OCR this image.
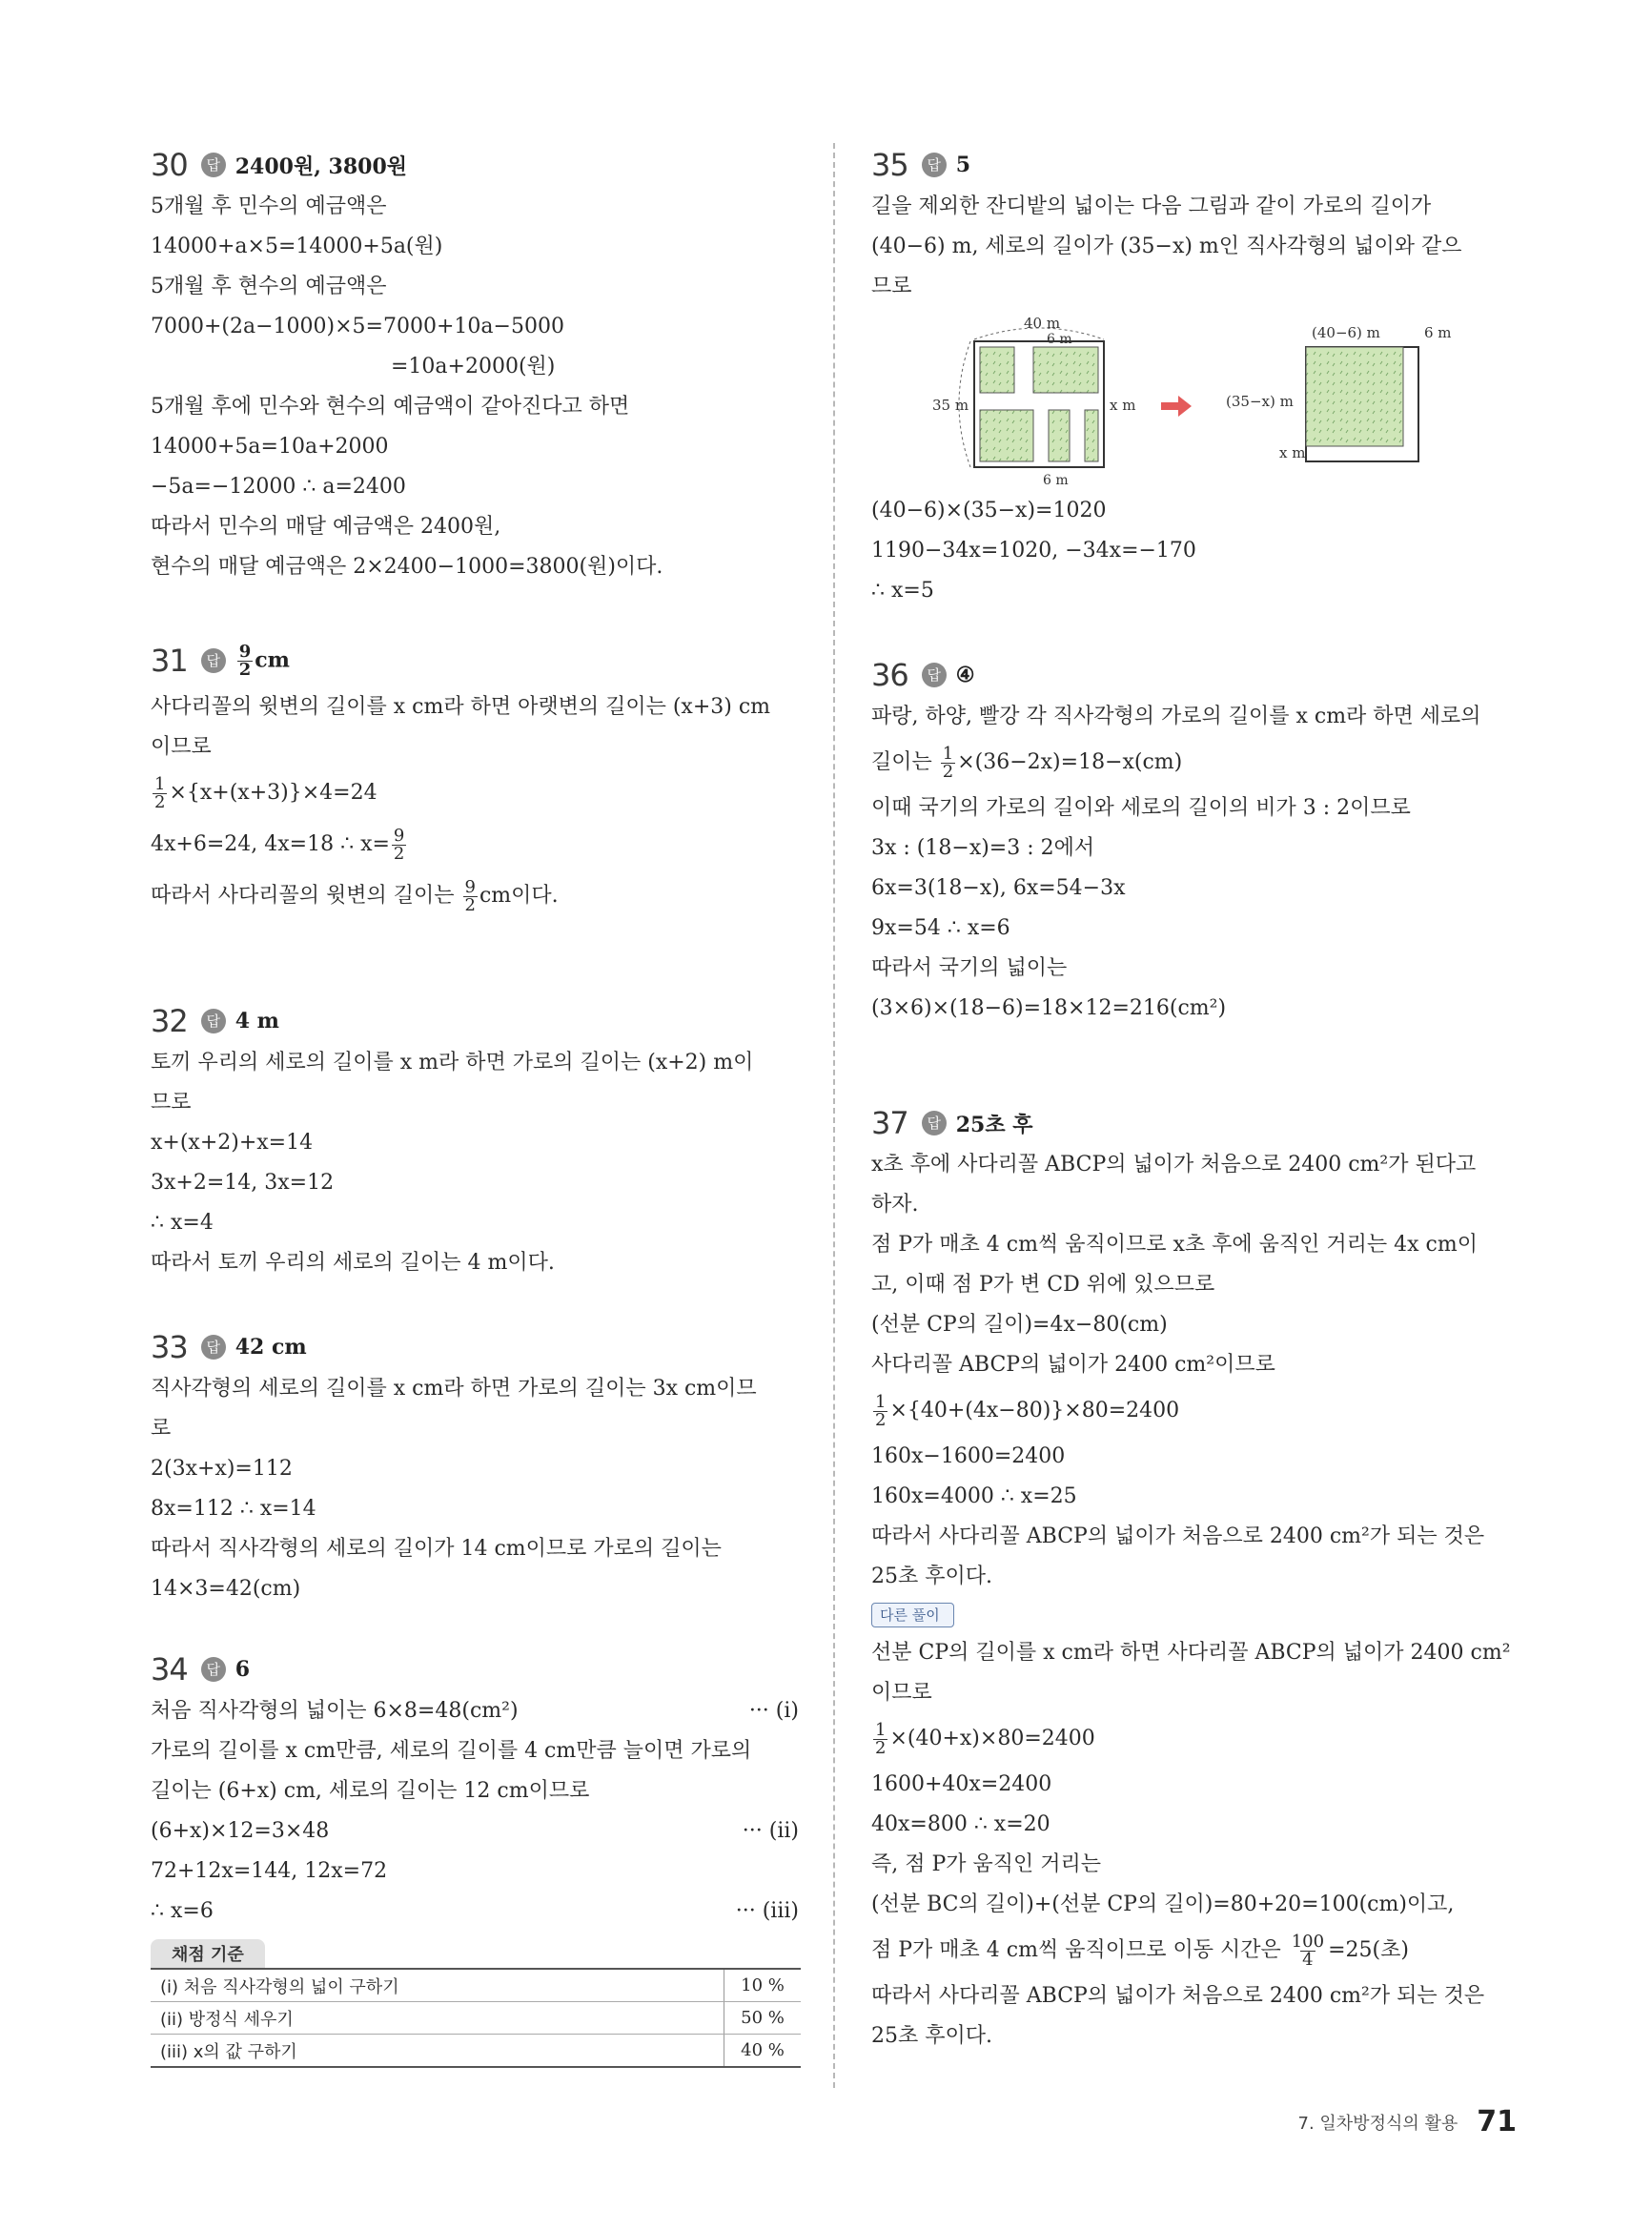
30	답 2400원, 3800원
5개월 후 민수의 예금액은
14000+a×5=14000+5a(원)
5개월 후 현수의 예금액은
7000+(2a−1000)×5=7000+10a−5000
=10a+2000(원)
5개월 후에 민수와 현수의 예금액이 같아진다고 하면
14000+5a=10a+2000
−5a=−12000 ∴ a=2400
따라서 민수의 매달 예금액은 2400원,
현수의 매달 예금액은 2×2400−1000=3800(원)이다.
31	답 $\frac{9}{2}$ cm
사다리꼴의 윗변의 길이를 x cm라 하면 아랫변의 길이는 (x+3) cm
이므로
$\frac{1}{2} \times\{x+(x+3)\}\times 4=24$
4x+6=24, 4x=18 ∴ $x= \frac{9}{2}$
따라서 사다리꼴의 윗변의 길이는 $\frac{9}{2}$ cm이다.
32	답 4 m
토끼 우리의 세로의 길이를 x m라 하면 가로의 길이는 (x+2) m이
므로
x+(x+2)+x=14
3x+2=14, 3x=12
∴ x=4
따라서 토끼 우리의 세로의 길이는 4 m이다.
33	답 42 cm
직사각형의 세로의 길이를 x cm라 하면 가로의 길이는 3x cm이므
로
2(3x+x)=112
8x=112 ∴ x=14
따라서 직사각형의 세로의 길이가 14 cm이므로 가로의 길이는
14×3=42(cm)
34	답 6
처음 직사각형의 넓이는 6×8=48(cm²)	··· (i)
가로의 길이를 x cm만큼, 세로의 길이를 4 cm만큼 늘이면 가로의
길이는 (6+x) cm, 세로의 길이는 12 cm이므로
(6+x)×12=3×48	··· (ii)
72+12x=144, 12x=72
∴ x=6	··· (iii)
채점 기준
(i) 처음 직사각형의 넓이 구하기	10 %
(ii) 방정식 세우기	50 %
(iii) x의 값 구하기	40 %
35	답 5
길을 제외한 잔디밭의 넓이는 다음 그림과 같이 가로의 길이가
(40−6) m, 세로의 길이가 (35−x) m인 직사각형의 넓이와 같으
므로
40 m
6 m
35 m	x m
6 m
(40−6) m	6 m
(35−x) m
x m
(40−6)×(35−x)=1020
1190−34x=1020, −34x=−170
∴ x=5
36	답 ④
파랑, 하양, 빨강 각 직사각형의 가로의 길이를 x cm라 하면 세로의
길이는 $\frac{1}{2} \times(36-2x)=18-x(cm)$
이때 국기의 가로의 길이와 세로의 길이의 비가 3 : 2이므로
3x : (18−x)=3 : 2에서
6x=3(18−x), 6x=54−3x
9x=54 ∴ x=6
따라서 국기의 넓이는
(3×6)×(18−6)=18×12=216(cm²)
37	답 25초 후
x초 후에 사다리꼴 ABCP의 넓이가 처음으로 2400 cm²가 된다고
하자.
점 P가 매초 4 cm씩 움직이므로 x초 후에 움직인 거리는 4x cm이
고, 이때 점 P가 변 CD 위에 있으므로
(선분 CP의 길이)=4x−80(cm)
사다리꼴 ABCP의 넓이가 2400 cm²이므로
$\frac{1}{2} \times\{40+(4x-80)\}\times 80=2400$
160x−1600=2400
160x=4000 ∴ x=25
따라서 사다리꼴 ABCP의 넓이가 처음으로 2400 cm²가 되는 것은
25초 후이다.
다른 풀이
선분 CP의 길이를 x cm라 하면 사다리꼴 ABCP의 넓이가 2400 cm²
이므로
$\frac{1}{2} \times(40+x)\times 80=2400$
1600+40x=2400
40x=800 ∴ x=20
즉, 점 P가 움직인 거리는
(선분 BC의 길이)+(선분 CP의 길이)=80+20=100(cm)이고,
점 P가 매초 4 cm씩 움직이므로 이동 시간은 $\frac{100}{4} =25$(초)
따라서 사다리꼴 ABCP의 넓이가 처음으로 2400 cm²가 되는 것은
25초 후이다.
7. 일차방정식의 활용 71
